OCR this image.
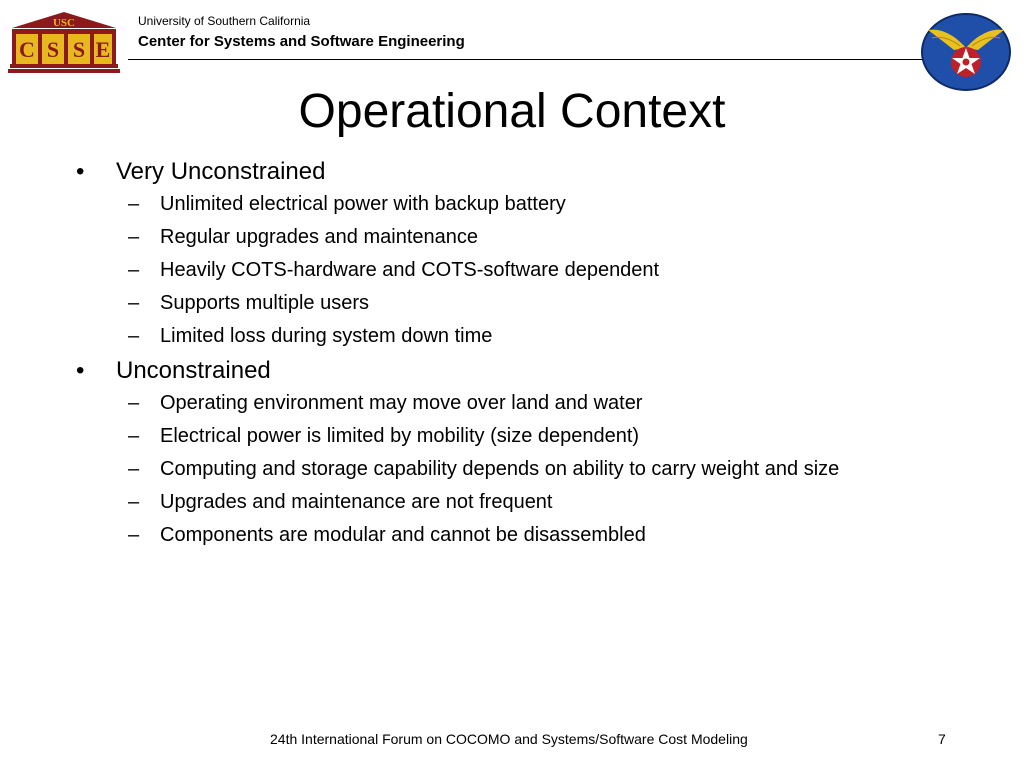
USC
C S S E
University of Southern California
Center for Systems and Software Engineering
Operational Context
• Very Unconstrained
– Unlimited electrical power with backup battery
– Regular upgrades and maintenance
– Heavily COTS-hardware and COTS-software dependent
– Supports multiple users
– Limited loss during system down time
• Unconstrained
– Operating environment may move over land and water
– Electrical power is limited by mobility (size dependent)
– Computing and storage capability depends on ability to carry weight and size
– Upgrades and maintenance are not frequent
– Components are modular and cannot be disassembled
24th International Forum on COCOMO and Systems/Software Cost Modeling	7
